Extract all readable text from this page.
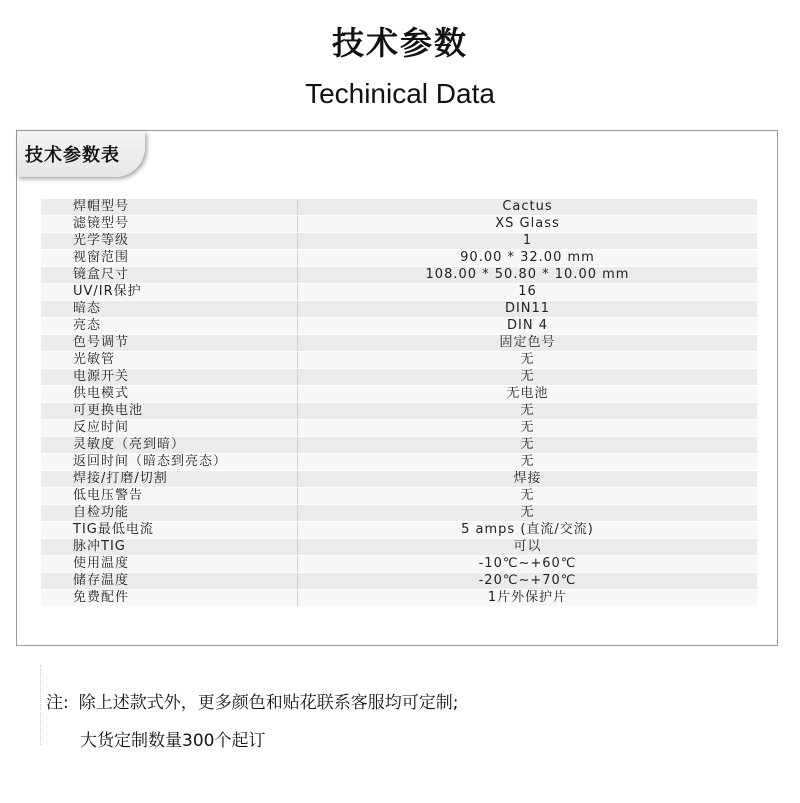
技术参数
Techinical Data
技术参数表
焊帽型号	Cactus
滤镜型号	XS Glass
光学等级	1
视窗范围	90.00 * 32.00 mm
镜盒尺寸	108.00 * 50.80 * 10.00 mm
UV/IR保护	16
暗态	DIN11
亮态	DIN 4
色号调节	固定色号
光敏管	无
电源开关	无
供电模式	无电池
可更换电池	无
反应时间	无
灵敏度（亮到暗）	无
返回时间（暗态到亮态）	无
焊接/打磨/切割	焊接
低电压警告	无
自检功能	无
TIG最低电流	5 amps (直流/交流)
脉冲TIG	可以
使用温度	-10℃~+60℃
储存温度	-20℃~+70℃
免费配件	1片外保护片
注: 除上述款式外，更多颜色和贴花联系客服均可定制;
大货定制数量300个起订
